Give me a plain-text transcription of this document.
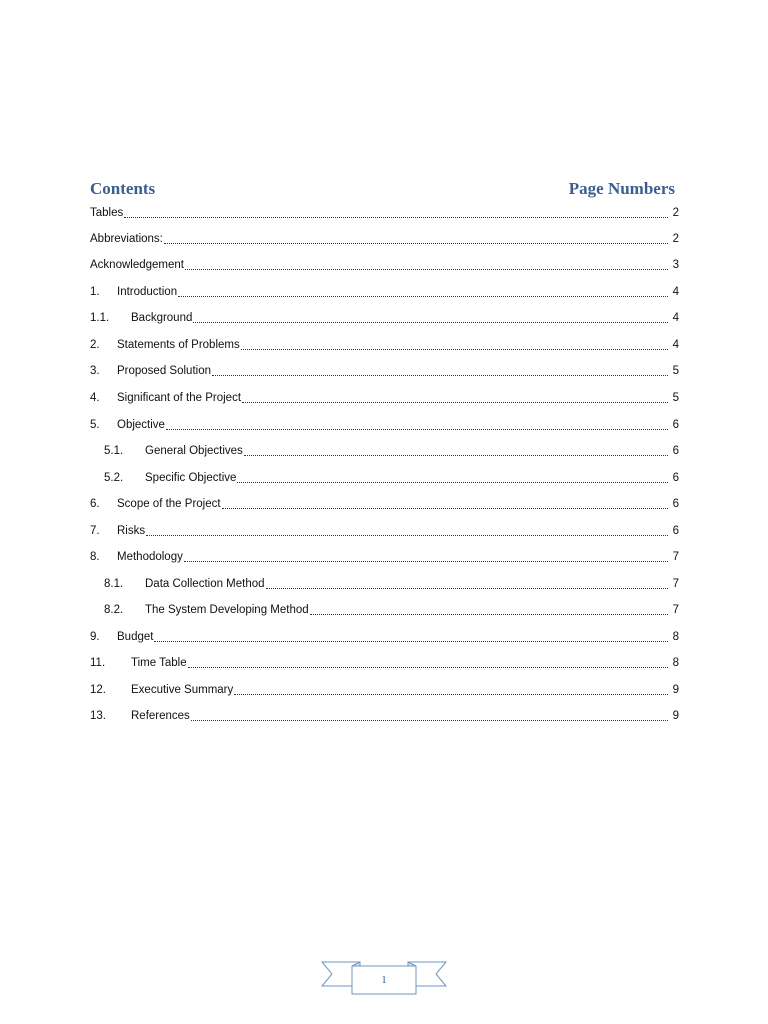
Contents	Page Numbers
Tables	2
Abbreviations:	2
Acknowledgement	3
1.	Introduction	4
1.1.	Background	4
2.	Statements of Problems	4
3.	Proposed Solution	5
4.	Significant of the Project	5
5.	Objective	6
5.1.	General Objectives	6
5.2.	Specific Objective	6
6.	Scope of the Project	6
7.	Risks	6
8.	Methodology	7
8.1.	Data Collection Method	7
8.2.	The System Developing Method	7
9.	Budget	8
11.	Time Table	8
12.	Executive Summary	9
13.	References	9
1
